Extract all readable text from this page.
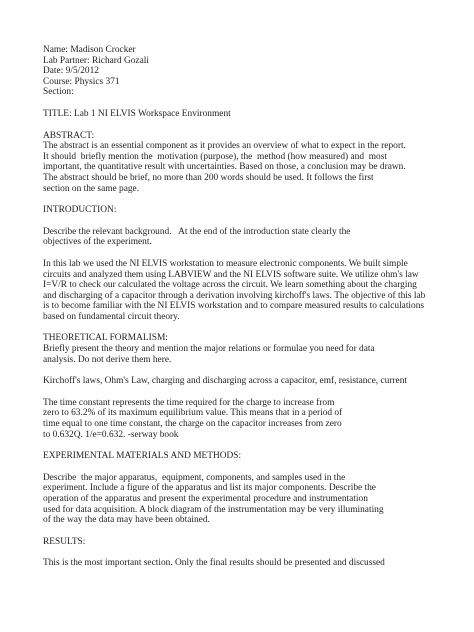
Name: Madison Crocker
Lab Partner: Richard Gozali
Date: 9/5/2012
Course: Physics 371
Section:
TITLE: Lab 1 NI ELVIS Workspace Environment
ABSTRACT:
The abstract is an essential component as it provides an overview of what to expect in the report.
It should  briefly mention the  motivation (purpose), the  method (how measured) and  most
important, the quantitative result with uncertainties. Based on those, a conclusion may be drawn.
The abstract should be brief, no more than 200 words should be used. It follows the first
section on the same page.
INTRODUCTION:
Describe the relevant background.   At the end of the introduction state clearly the
objectives of the experiment.
In this lab we used the NI ELVIS workstation to measure electronic components. We built simple
circuits and analyzed them using LABVIEW and the NI ELVIS software suite. We utilize ohm's law
I=V/R to check our calculated the voltage across the circuit. We learn something about the charging
and discharging of a capacitor through a derivation involving kirchoff's laws. The objective of this lab
is to become familiar with the NI ELVIS workstation and to compare measured results to calculations
based on fundamental circuit theory.
THEORETICAL FORMALISM:
Briefly present the theory and mention the major relations or formulae you need for data
analysis. Do not derive them here.
Kirchoff's laws, Ohm's Law, charging and discharging across a capacitor, emf, resistance, current
The time constant represents the time required for the charge to increase from
zero to 63.2% of its maximum equilibrium value. This means that in a period of
time equal to one time constant, the charge on the capacitor increases from zero
to 0.632Q. 1/e=0.632. -serway book
EXPERIMENTAL MATERIALS AND METHODS:
Describe  the major apparatus,  equipment, components, and samples used in the
experiment. Include a figure of the apparatus and list its major components. Describe the
operation of the apparatus and present the experimental procedure and instrumentation
used for data acquisition. A block diagram of the instrumentation may be very illuminating
of the way the data may have been obtained.
RESULTS:
This is the most important section. Only the final results should be presented and discussed
